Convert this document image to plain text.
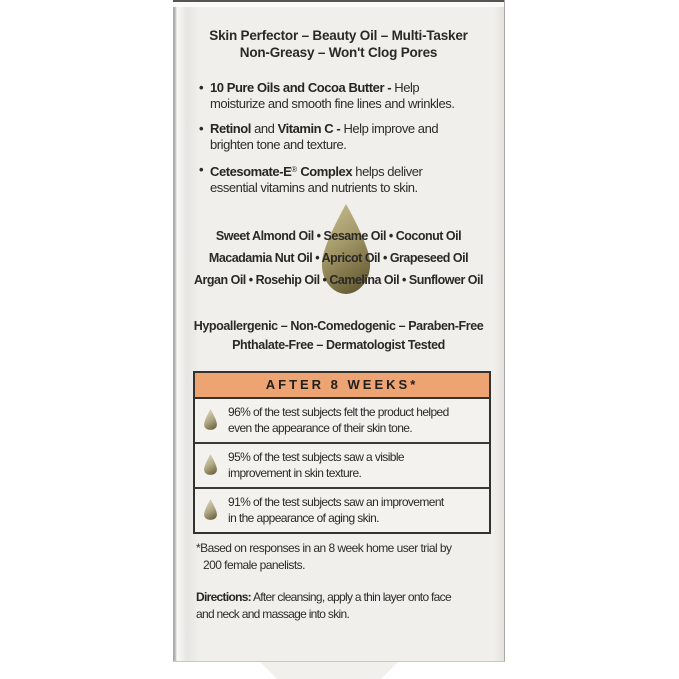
Skin Perfector – Beauty Oil – Multi-Tasker
Non-Greasy – Won't Clog Pores
• 10 Pure Oils and Cocoa Butter - Help
moisturize and smooth fine lines and wrinkles.
• Retinol and Vitamin C - Help improve and
brighten tone and texture.
• Cetesomate-E® Complex helps deliver
essential vitamins and nutrients to skin.
Sweet Almond Oil • Sesame Oil • Coconut Oil
Macadamia Nut Oil • Apricot Oil • Grapeseed Oil
Argan Oil • Rosehip Oil • Camelina Oil • Sunflower Oil
Hypoallergenic – Non-Comedogenic – Paraben-Free
Phthalate-Free – Dermatologist Tested
AFTER 8 WEEKS*
96% of the test subjects felt the product helped
even the appearance of their skin tone.
95% of the test subjects saw a visible
improvement in skin texture.
91% of the test subjects saw an improvement
in the appearance of aging skin.
*Based on responses in an 8 week home user trial by
200 female panelists.
Directions: After cleansing, apply a thin layer onto face
and neck and massage into skin.
